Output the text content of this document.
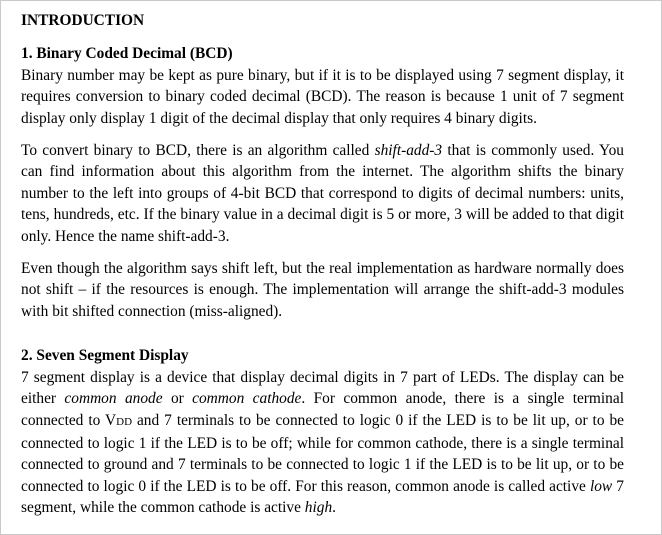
INTRODUCTION
1. Binary Coded Decimal (BCD)

Binary number may be kept as pure binary, but if it is to be displayed using 7 segment display, it requires conversion to binary coded decimal (BCD). The reason is because 1 unit of 7 segment display only display 1 digit of the decimal display that only requires 4 binary digits.

To convert binary to BCD, there is an algorithm called shift-add-3 that is commonly used. You can find information about this algorithm from the internet. The algorithm shifts the binary number to the left into groups of 4-bit BCD that correspond to digits of decimal numbers: units, tens, hundreds, etc. If the binary value in a decimal digit is 5 or more, 3 will be added to that digit only. Hence the name shift-add-3.

Even though the algorithm says shift left, but the real implementation as hardware normally does not shift – if the resources is enough. The implementation will arrange the shift-add-3 modules with bit shifted connection (miss-aligned).

2. Seven Segment Display

7 segment display is a device that display decimal digits in 7 part of LEDs. The display can be either common anode or common cathode. For common anode, there is a single terminal connected to VDD and 7 terminals to be connected to logic 0 if the LED is to be lit up, or to be connected to logic 1 if the LED is to be off; while for common cathode, there is a single terminal connected to ground and 7 terminals to be connected to logic 1 if the LED is to be lit up, or to be connected to logic 0 if the LED is to be off. For this reason, common anode is called active low 7 segment, while the common cathode is active high.
